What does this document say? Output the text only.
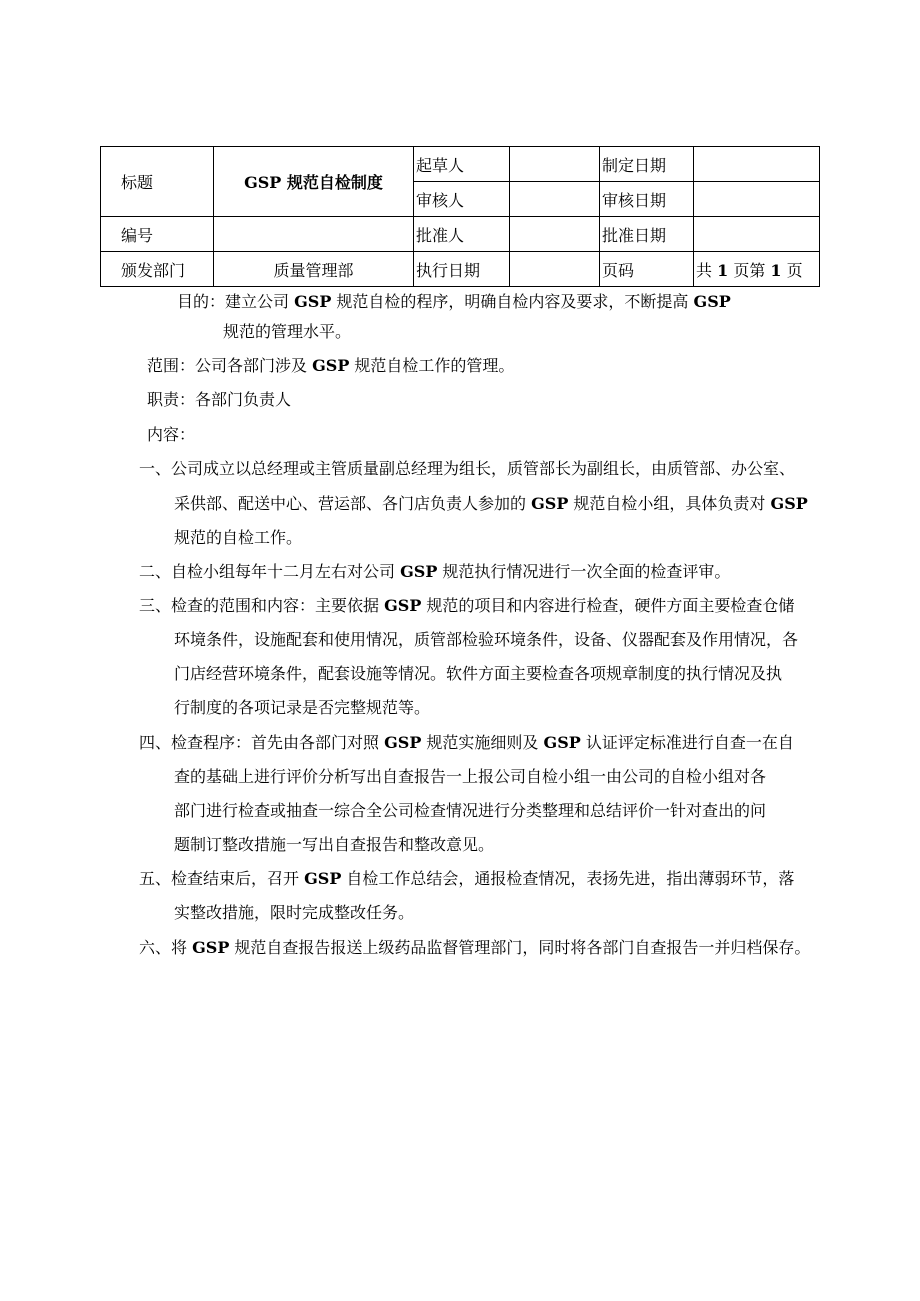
标题	GSP 规范自检制度	起草人		制定日期	
		审核人		审核日期	
编号		批准人		批准日期	
颁发部门	质量管理部	执行日期		页码	共 1 页第 1 页
目的：建立公司 GSP 规范自检的程序，明确自检内容及要求，不断提高 GSP
规范的管理水平。
范围：公司各部门涉及 GSP 规范自检工作的管理。
职责：各部门负责人
内容：
一、公司成立以总经理或主管质量副总经理为组长，质管部长为副组长，由质管部、办公室、
采供部、配送中心、营运部、各门店负责人参加的 GSP 规范自检小组，具体负责对 GSP
规范的自检工作。
二、自检小组每年十二月左右对公司 GSP 规范执行情况进行一次全面的检查评审。
三、检查的范围和内容：主要依据 GSP 规范的项目和内容进行检查，硬件方面主要检查仓储
环境条件，设施配套和使用情况，质管部检验环境条件，设备、仪器配套及作用情况，各
门店经营环境条件，配套设施等情况。软件方面主要检查各项规章制度的执行情况及执
行制度的各项记录是否完整规范等。
四、检查程序：首先由各部门对照 GSP 规范实施细则及 GSP 认证评定标准进行自查一在自
查的基础上进行评价分析写出自查报告一上报公司自检小组一由公司的自检小组对各
部门进行检查或抽查一综合全公司检查情况进行分类整理和总结评价一针对查出的问
题制订整改措施一写出自查报告和整改意见。
五、检查结束后，召开 GSP 自检工作总结会，通报检查情况，表扬先进，指出薄弱环节，落
实整改措施，限时完成整改任务。
六、将 GSP 规范自查报告报送上级药品监督管理部门，同时将各部门自查报告一并归档保存。
